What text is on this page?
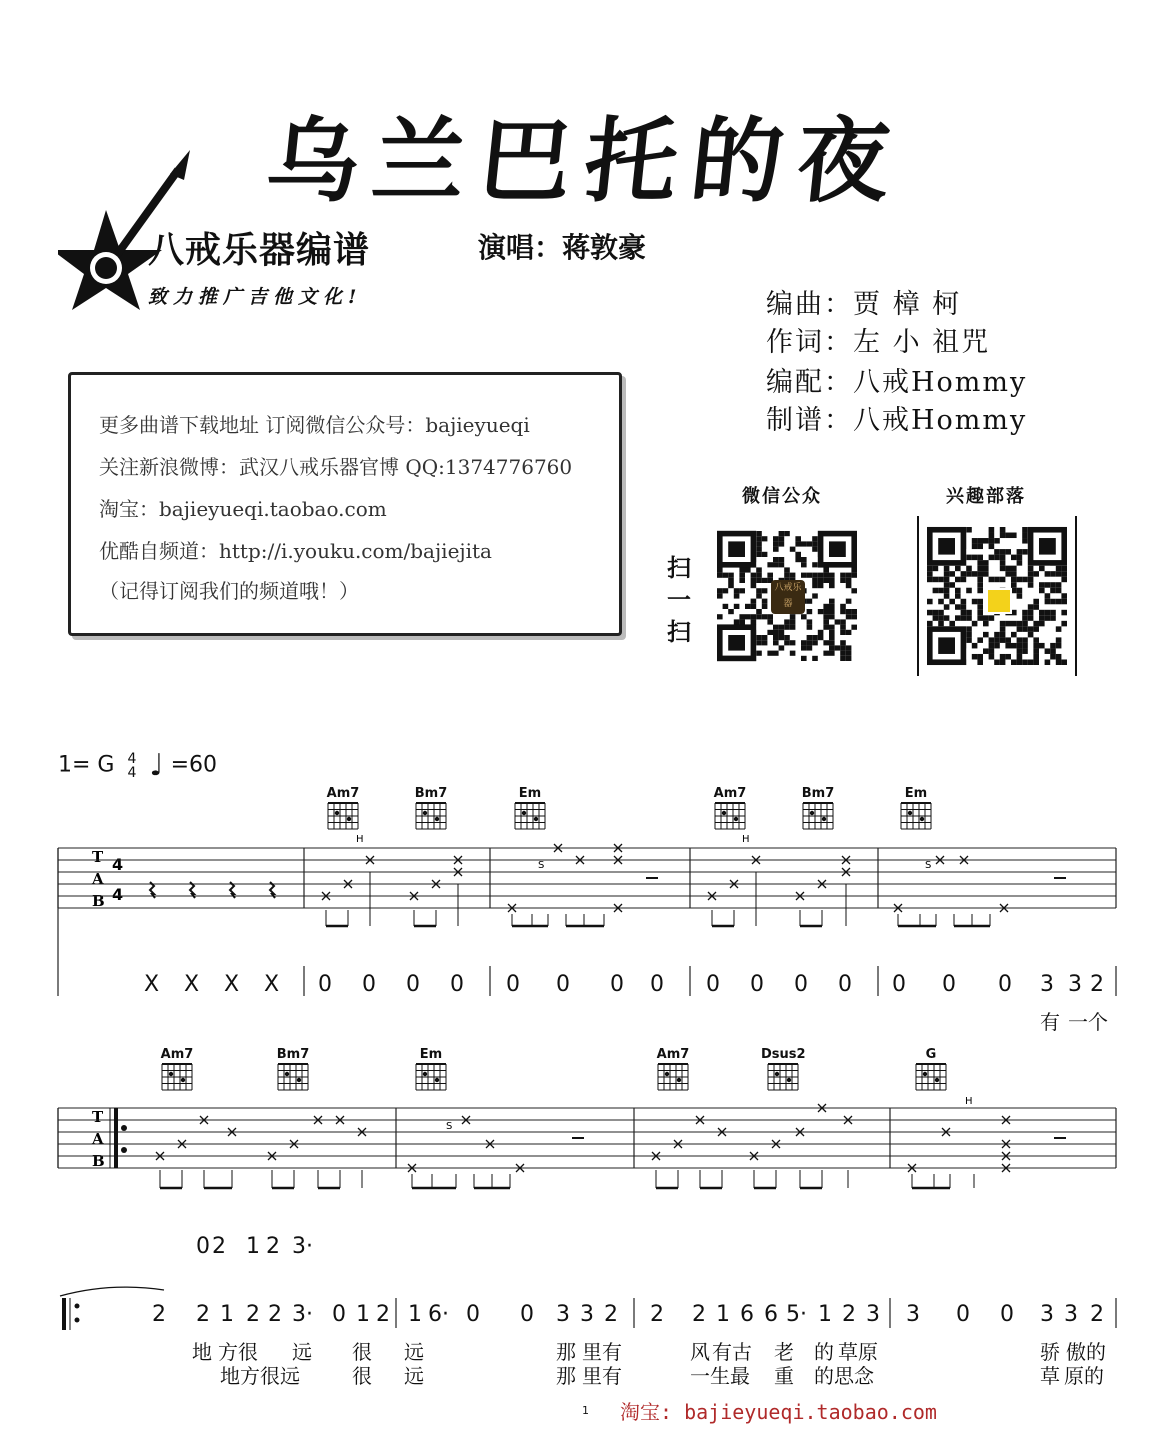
乌兰巴托的夜
八戒乐器编谱
致力推广吉他文化!
演唱：蒋敦豪
编曲：贾 樟 柯
作词：左 小 祖咒
编配：八戒Hommy
制谱：八戒Hommy
更多曲谱下载地址 订阅微信公众号：bajieyueqi
关注新浪微博：武汉八戒乐器官博 QQ:1374776760
淘宝：bajieyueqi.taobao.com
优酷自频道：http://i.youku.com/bajiejita
（记得订阅我们的频道哦！）
微信公众	兴趣部落
扫
一
扫
八戒乐器
1= G 4
4 ♩ =60
Am7	Bm7	Em	Am7	Bm7	Em
Am7	Bm7	Em	Am7	Dsus2	G
T
A
B
4
4
T
A
B
H	H
H
S	S
S
X X X X 0 0 0 0 0 0 0 0 0 0 0 0 0 0 0 3 3 2
有 一个
0 2 1 2 3·
2 2 1 2 2 3· 0 1 2 1 6· 0 0 3 3 2 2 2 1 6 6 5· 1 2 3 3 0 0 3 3 2
地 方很 远 很 远	那 里有	风 有古 老 的 草原	骄 傲的
地方很远	很 远	那 里有	一生最 重 的思念	草 原的
1 淘宝: bajieyueqi.taobao.com
